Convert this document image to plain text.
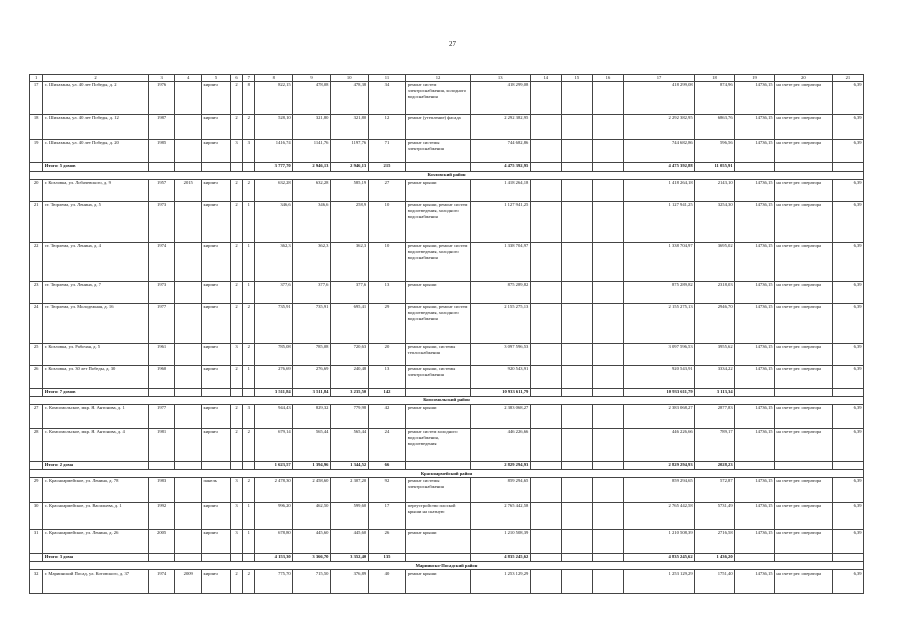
27
1	2	3	4	5	6	7	8	9	10	11	12	13	14	15	16	17	18	19	20	21
17	с. Шихазаны, ул. 40 лет Победы, д. 2	1976		кирпич	2	8	822,15	478,08	478,38	34	ремонт систем электроснабжения, холодного водоснабжения	418 299,08				418 299,08	874,96	14736,15	на счете рег. оператора	6,39
18	с. Шихазаны, ул. 40 лет Победы, д. 12	1987		кирпич	2	2	528,10	321,80	321,80	12	ремонт (утепление) фасада	2 292 382,95				2 292 382,95	6863,76	14736,15	на счете рег. оператора	6,39
19	с. Шихазаны, ул. 40 лет Победы, д. 20	1985		кирпич	3	3	1416,74	1141,76	1197,76	71	ремонт системы электроснабжения	744 682,86				744 682,86	596,56	14736,15	на счете рег. оператора	6,39
	Итого: 5 домов						3 777,70	2 946,13	2 946,13	215		4 475 392,95				4 475 392,88	11 055,91			
Козловский район																				
20	г. Козловка, ул. Лобачевского, д. 9	1957	2015	кирпич	2	2	632,28	632,28	585,19	27	ремонт крыши	1 418 264,18				1 418 264,18	2143,10	14736,15	на счете рег. оператора	6,39
21	ст. Тюрлема, ул. Ленина, д. 5	1973		кирпич	2	1	346,6	346,6	258,9	10	ремонт крыши, ремонт систем водоотведения, холодного водоснабжения	1 127 941,25				1 127 941,25	3254,30	14736,15	на счете рег. оператора	6,39
22	ст. Тюрлема, ул. Ленина, д. 4	1974		кирпич	2	1	362,3	362,3	362,3	10	ремонт крыши, ремонт систем водоотведения, холодного водоснабжения	1 338 704,97				1 338 704,97	3695,02	14736,15	на счете рег. оператора	6,39
23	ст. Тюрлема, ул. Ленина, д. 7	1973		кирпич	2	1	377,6	377,6	377,6	13	ремонт крыши	875 289,82				875 289,82	2318,03	14736,15	на счете рег. оператора	6,39
24	ст. Тюрлема, ул. Молодежная, д. 16	1977		кирпич	2	2	735,91	735,91	695,41	29	ремонт крыши, ремонт систем водоотведения, холодного водоснабжения	2 155 275,13				2 155 275,13	2946,70	14736,15	на счете рег. оператора	6,39
25	г. Козловка, ул. Рабочая, д. 5	1961		кирпич	3	2	785,08	785,08	720,63	20	ремонт крыши, системы теплоснабжения	3 097 596,53				3 097 596,53	3955,62	14736,15	на счете рег. оператора	6,39
26	г. Козловка, ул. 30 лет Победы, д. 30	1960		кирпич	2	1	276,69	276,69	240,48	13	ремонт крыши, системы электроснабжения	920 543,91				920 543,91	3334,22	14736,15	на счете рег. оператора	6,39
	Итого: 7 домов						3 511,84	3 511,84	3 235,50	142		10 933 611,79				10 933 611,79	3 113,34			
Комсомольский район																				
27	с. Комсомольское, мкр. Я. Антонова, д. 1	1977		кирпич	2	3	944,43	829,32	779,98	42	ремонт крыши	2 383 068,27				2 383 068,27	2877,83	14736,15	на счете рег. оператора	6,39
28	с. Комсомольское, мкр. Я. Антонова, д. 4	1981		кирпич	2	2	679,14	565,44	565,44	24	ремонт систем холодного водоснабжения, водоотведения	446 226,66				446 226,66	789,17	14736,15	на счете рег. оператора	6,39
	Итого: 2 дома						1 623,57	1 394,96	1 344,52	66		2 829 294,93				2 829 294,93	2028,23			
Красноармейский район																				
29	с. Красноармейское, ул. Ленина, д. 78	1983		панель	3	2	2 478,30	2 458,60	2 307,20	92	ремонт системы электроснабжения	859 294,65				859 294,65	572,87	14736,15	на счете рег. оператора	6,39
30	с. Красноармейское, ул. Васильева, д. 1	1992		кирпич	3	1	996,20	462,50	599,60	17	переустройство плоской крыши на скатную	2 765 442,58				2 765 442,58	5731,49	14736,15	на счете рег. оператора	6,39
31	с. Красноармейское, ул. Ленина, д. 26	2005		кирпич	3	1	678,80	445,60	445,60	26	ремонт крыши	1 210 508,39				1 210 508,39	2716,58	14736,15	на счете рег. оператора	6,39
	Итого: 3 дома						4 153,30	3 366,70	3 352,40	135		4 835 245,62				4 835 245,62	1 436,20			
Мариинско-Посадский район																				
32	г. Мариинский Посад, ул. Котовского, д. 37	1974	2009	кирпич	2	2	775,70	715,50	376,89	40	ремонт крыши	1 253 129,29				1 253 129,29	1751,40	14736,15	на счете рег. оператора	6,39
